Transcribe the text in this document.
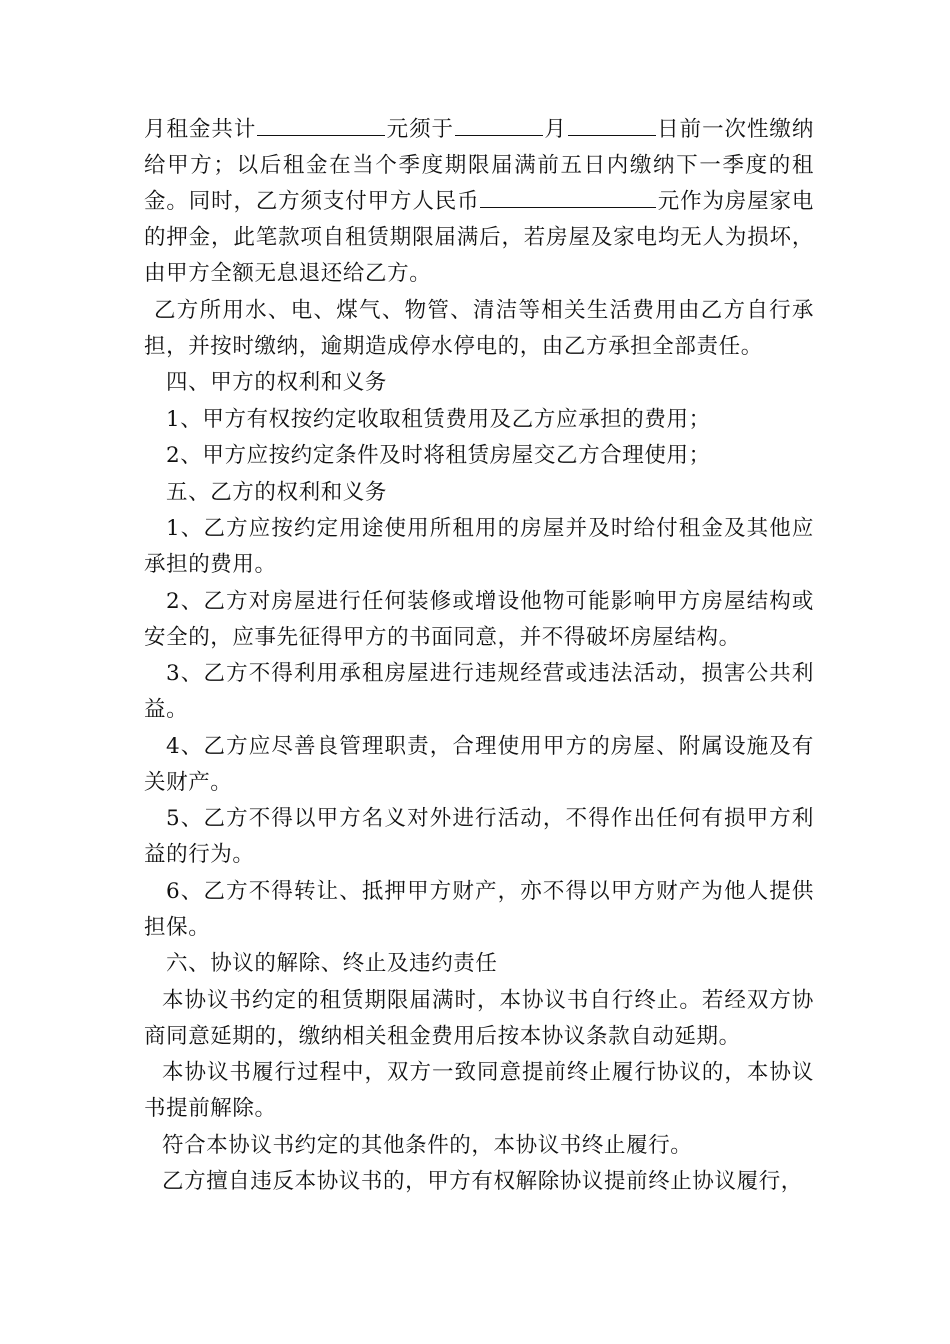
月租金共计	元须于	月	日前一次性缴纳给甲方；以后租金在当个季度期限届满前五日内缴纳下一季度的租金。同时，乙方须支付甲方人民币	元作为房屋家电的押金，此笔款项自租赁期限届满后，若房屋及家电均无人为损坏，由甲方全额无息退还给乙方。

乙方所用水、电、煤气、物管、清洁等相关生活费用由乙方自行承担，并按时缴纳，逾期造成停水停电的，由乙方承担全部责任。

四、甲方的权利和义务

1、甲方有权按约定收取租赁费用及乙方应承担的费用；

2、甲方应按约定条件及时将租赁房屋交乙方合理使用；

五、乙方的权利和义务

1、乙方应按约定用途使用所租用的房屋并及时给付租金及其他应承担的费用。

2、乙方对房屋进行任何装修或增设他物可能影响甲方房屋结构或安全的，应事先征得甲方的书面同意，并不得破坏房屋结构。

3、乙方不得利用承租房屋进行违规经营或违法活动，损害公共利益。

4、乙方应尽善良管理职责，合理使用甲方的房屋、附属设施及有关财产。

5、乙方不得以甲方名义对外进行活动，不得作出任何有损甲方利益的行为。

6、乙方不得转让、抵押甲方财产，亦不得以甲方财产为他人提供担保。

六、协议的解除、终止及违约责任

本协议书约定的租赁期限届满时，本协议书自行终止。若经双方协商同意延期的，缴纳相关租金费用后按本协议条款自动延期。

本协议书履行过程中，双方一致同意提前终止履行协议的，本协议书提前解除。

符合本协议书约定的其他条件的，本协议书终止履行。

乙方擅自违反本协议书的，甲方有权解除协议提前终止协议履行，
